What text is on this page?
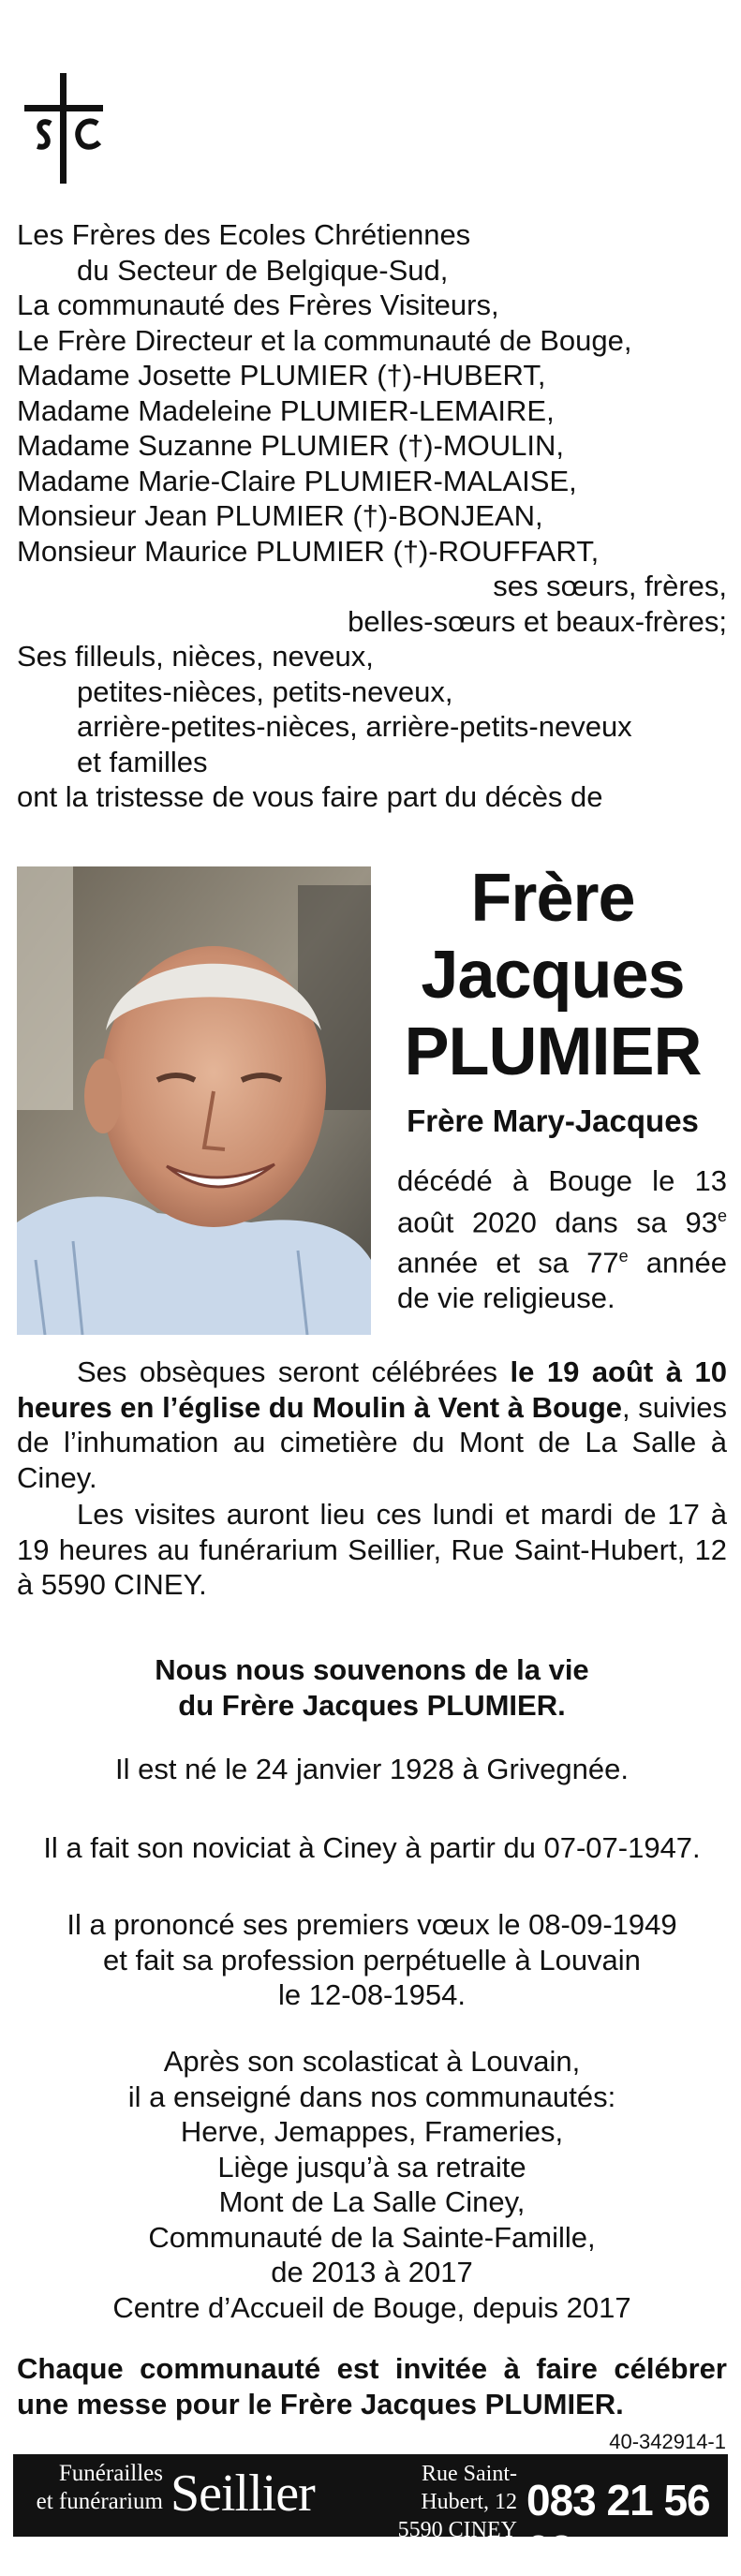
Les Frères des Ecoles Chrétiennes
du Secteur de Belgique-Sud,
La communauté des Frères Visiteurs,
Le Frère Directeur et la communauté de Bouge,
Madame Josette PLUMIER (†)-HUBERT,
Madame Madeleine PLUMIER-LEMAIRE,
Madame Suzanne PLUMIER (†)-MOULIN,
Madame Marie-Claire PLUMIER-MALAISE,
Monsieur Jean PLUMIER (†)-BONJEAN,
Monsieur Maurice PLUMIER (†)-ROUFFART,
ses sœurs, frères,
belles-sœurs et beaux-frères;
Ses filleuls, nièces, neveux,
petites-nièces, petits-neveux,
arrière-petites-nièces, arrière-petits-neveux
et familles
ont la tristesse de vous faire part du décès de
Frère
Jacques
PLUMIER
Frère Mary-Jacques
décédé à Bouge le 13 août 2020 dans sa 93e année et sa 77e année de vie religieuse.
Ses obsèques seront célébrées le 19 août à 10 heures en l’église du Moulin à Vent à Bouge, suivies de l’inhumation au cimetière du Mont de La Salle à Ciney.
Les visites auront lieu ces lundi et mardi de 17 à 19 heures au funérarium Seillier, Rue Saint-Hubert, 12 à 5590 CINEY.
Nous nous souvenons de la vie
du Frère Jacques PLUMIER.
Il est né le 24 janvier 1928 à Grivegnée.
Il a fait son noviciat à Ciney à partir du 07-07-1947.
Il a prononcé ses premiers vœux le 08-09-1949
et fait sa profession perpétuelle à Louvain
le 12-08-1954.
Après son scolasticat à Louvain,
il a enseigné dans nos communautés:
Herve, Jemappes, Frameries,
Liège jusqu’à sa retraite
Mont de La Salle Ciney,
Communauté de la Sainte-Famille,
de 2013 à 2017
Centre d’Accueil de Bouge, depuis 2017
Chaque communauté est invitée à faire célébrer une messe pour le Frère Jacques PLUMIER.
40-342914-1
Funérailles
et funérarium Seillier	Rue Saint-Hubert, 12
5590 CINEY
083 21 56 02
